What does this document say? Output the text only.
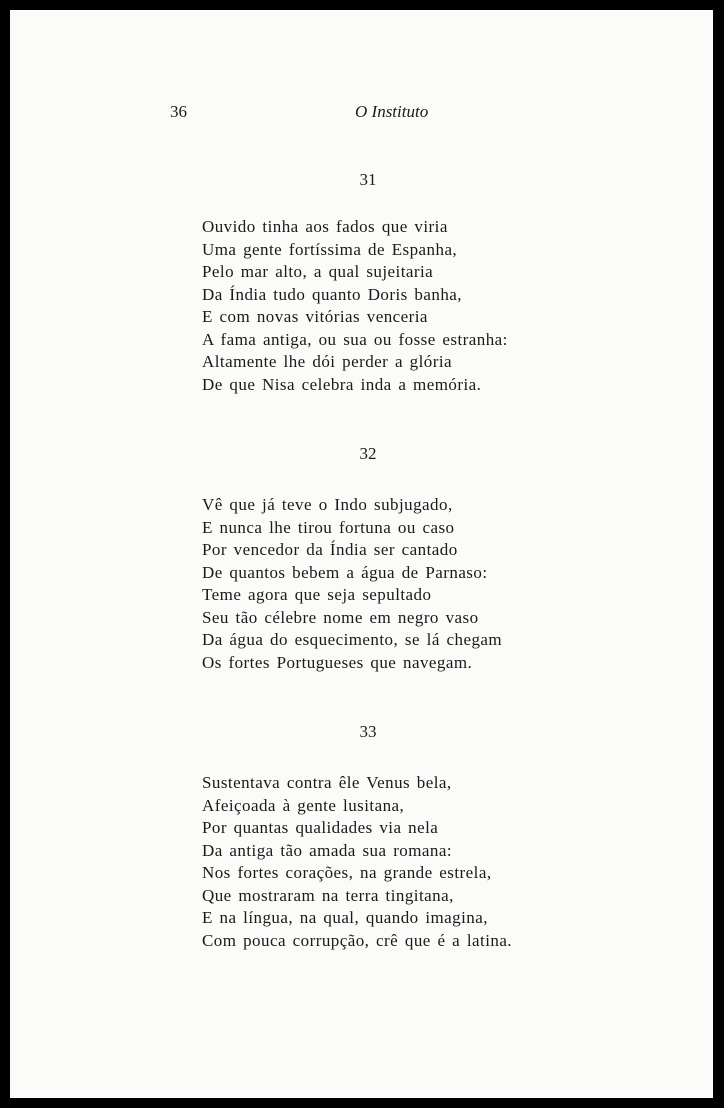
36	O Instituto
31
Ouvido tinha aos fados que viria
Uma gente fortíssima de Espanha,
Pelo mar alto, a qual sujeitaria
Da Índia tudo quanto Doris banha,
E com novas vitórias venceria
A fama antiga, ou sua ou fosse estranha:
Altamente lhe dói perder a glória
De que Nisa celebra inda a memória.
32
Vê que já teve o Indo subjugado,
E nunca lhe tirou fortuna ou caso
Por vencedor da Índia ser cantado
De quantos bebem a água de Parnaso:
Teme agora que seja sepultado
Seu tão célebre nome em negro vaso
Da água do esquecimento, se lá chegam
Os fortes Portugueses que navegam.
33
Sustentava contra êle Venus bela,
Afeiçoada à gente lusitana,
Por quantas qualidades via nela
Da antiga tão amada sua romana:
Nos fortes corações, na grande estrela,
Que mostraram na terra tingitana,
E na língua, na qual, quando imagina,
Com pouca corrupção, crê que é a latina.
